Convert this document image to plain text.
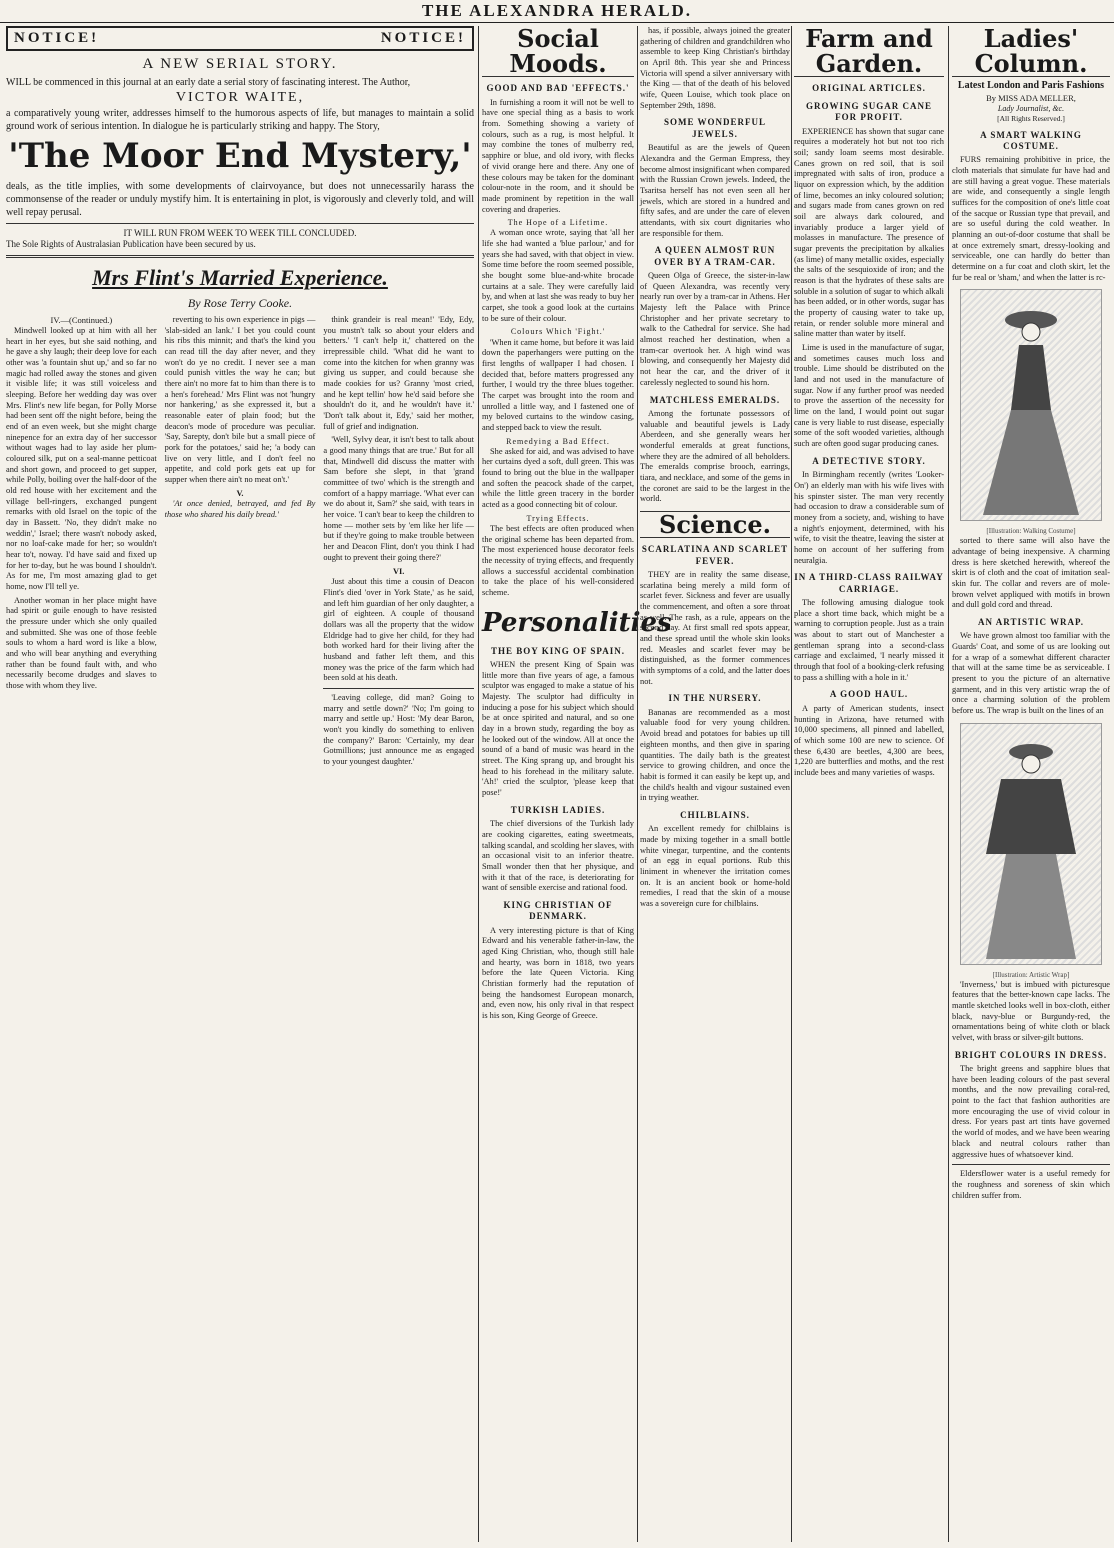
THE ALEXANDRA HERALD.
NOTICE!	NOTICE!
A NEW SERIAL STORY.
WILL be commenced in this journal at an early date a serial story of fascinating interest. The Author,
VICTOR WAITE,
a comparatively young writer, addresses himself to the humorous aspects of life, but manages to maintain a solid ground work of serious intention. In dialogue he is particularly striking and happy. The Story,
'The Moor End Mystery,'
deals, as the title implies, with some developments of clairvoyance, but does not unnecessarily harass the commonsense of the reader or unduly mystify him. It is entertaining in plot, is vigorously and cleverly told, and will well repay perusal.
IT WILL RUN FROM WEEK TO WEEK TILL CONCLUDED.
The Sole Rights of Australasian Publication have been secured by us.
Mrs Flint's Married Experience.
By Rose Terry Cooke.
IV.—(Continued.)

Mindwell looked up at him with all her heart in her eyes, but she said nothing, and he gave a shy laugh; their deep love for each other was 'a fountain shut up,' and so far no magic had rolled away the stones and given it visible life; it was still voiceless and sleeping. Before her wedding day was over Mrs. Flint's new life began, for Polly Morse had been sent off the night before, being the end of an even week, but she might charge ninepence for an extra day of her successor without wages had to lay aside her plum-coloured silk, put on a seal-manne petticoat and short gown, and proceed to get supper, while Polly, boiling over the half-door of the old red house with her excitement and the village bell-ringers, exchanged pungent remarks with old Israel on the topic of the day in Bassett. 'No, they didn't make no weddin',' Israel; there wasn't nobody asked, nor no loaf-cake made for her; so wouldn't hear to't, noway. I'd have said and fixed up for her to-day, but he was bound I shouldn't. As for me, I'm most amazing glad to get home, now I'll tell ye.

Another woman in her place might have had spirit or guile enough to have resisted the pressure under which she only quailed and submitted. She was one of those feeble souls to whom a hard word is like a blow, and who will bear anything and everything rather than be found fault with, and who necessarily become drudges and slaves to those with whom they live.

reverting to his own experience in pigs — 'slab-sided an lank.' I bet you could count his ribs this minnit; and that's the kind you can read till the day after never, and they won't do ye no credit. I never see a man could punish vittles the way he can; but there ain't no more fat to him than there is to a hen's forehead.' Mrs Flint was not 'hungry nor hankering,' as she expressed it, but a reasonable eater of plain food; but the deacon's mode of procedure was peculiar. 'Say, Sarepty, don't bile but a small piece of pork for the potatoes,' said he; 'a body can live on very little, and I don't feel no appetite, and cold pork gets eat up for supper when there ain't no meat on't.'

V.

'At once denied, betrayed, and fed By those who shared his daily bread.'

think grandeir is real mean!' 'Edy, Edy, you mustn't talk so about your elders and betters.' 'I can't help it,' chattered on the irrepressible child. 'What did he want to come into the kitchen for when granny was giving us supper, and could because she made cookies for us? Granny 'most cried, and he kept tellin' how he'd said before she shouldn't do it, and he wouldn't have it.' 'Don't talk about it, Edy,' said her mother, full of grief and indignation.

'Well, Sylvy dear, it isn't best to talk about a good many things that are true.' But for all that, Mindwell did discuss the matter with Sam before she slept, in that 'grand committee of two' which is the strength and comfort of a happy marriage. 'What ever can we do about it, Sam?' she said, with tears in her voice. 'I can't bear to keep the children to home — mother sets by 'em like her life — but if they're going to make trouble between her and Deacon Flint, don't you think I had ought to prevent their going there?'

VI.

Just about this time a cousin of Deacon Flint's died 'over in York State,' as he said, and left him guardian of her only daughter, a girl of eighteen. A couple of thousand dollars was all the property that the widow Eldridge had to give her child, for they had both worked hard for their living after the husband and father left them, and this money was the price of the farm which had been sold at his death.

'Leaving college, did man? Going to marry and settle down?' 'No; I'm going to marry and settle up.' Host: 'My dear Baron, won't you kindly do something to enliven the company?' Baron: 'Certainly, my dear Gotmillions; just announce me as engaged to your youngest daughter.'

Social Moods.
GOOD AND BAD 'EFFECTS.'

In furnishing a room it will not be well to have one special thing as a basis to work from. Something showing a variety of colours, such as a rug, is most helpful. It may combine the tones of mulberry red, sapphire or blue, and old ivory, with flecks of vivid orange here and there. Any one of these colours may be taken for the dominant colour-note in the room, and it should be made prominent by repetition in the wall covering and draperies.

The Hope of a Lifetime.

A woman once wrote, saying that 'all her life she had wanted a 'blue parlour,' and for years she had saved, with that object in view. Some time before the room seemed possible, she bought some blue-and-white brocade curtains at a sale. They were carefully laid by, and when at last she was ready to buy her carpet, she took a good look at the curtains to be sure of their colour.

Colours Which 'Fight.'

'When it came home, but before it was laid down the paperhangers were putting on the first lengths of wallpaper I had chosen. I decided that, before matters progressed any further, I would try the three blues together. The carpet was brought into the room and unrolled a little way, and I fastened one of my beloved curtains to the window casing, and stepped back to view the result.

Remedying a Bad Effect.

She asked for aid, and was advised to have her curtains dyed a soft, dull green. This was found to bring out the blue in the wallpaper and soften the peacock shade of the carpet, while the little green tracery in the border acted as a good connecting bit of colour.

Trying Effects.

The best effects are often produced when the original scheme has been departed from. The most experienced house decorator feels the necessity of trying effects, and frequently allows a successful accidental combination to take the place of his well-considered scheme.

Personalities
THE BOY KING OF SPAIN.

WHEN the present King of Spain was little more than five years of age, a famous sculptor was engaged to make a statue of his Majesty. The sculptor had difficulty in inducing a pose for his subject which should be at once spirited and natural, and so one day in a brown study, regarding the boy as he looked out of the window. All at once the sound of a band of music was heard in the street. The King sprang up, and brought his head to his forehead in the military salute. 'Ah!' cried the sculptor, 'please keep that pose!'

TURKISH LADIES.

The chief diversions of the Turkish lady are cooking cigarettes, eating sweetmeats, talking scandal, and scolding her slaves, with an occasional visit to an inferior theatre. Small wonder then that her physique, and with it that of the race, is deteriorating for want of sensible exercise and rational food.

KING CHRISTIAN OF DENMARK.

A very interesting picture is that of King Edward and his venerable father-in-law, the aged King Christian, who, though still hale and hearty, was born in 1818, two years before the late Queen Victoria. King Christian formerly had the reputation of being the handsomest European monarch, and, even now, his only rival in that respect is his son, King George of Greece.

has, if possible, always joined the greater gathering of children and grandchildren who assemble to keep King Christian's birthday on April 8th. This year she and Princess Victoria will spend a silver anniversary with the King — that of the death of his beloved wife, Queen Louise, which took place on September 29th, 1898.

SOME WONDERFUL JEWELS.

Beautiful as are the jewels of Queen Alexandra and the German Empress, they become almost insignificant when compared with the Russian Crown jewels. Indeed, the Tsaritsa herself has not even seen all her jewels, which are stored in a hundred and fifty safes, and are under the care of eleven attendants, with six court dignitaries who are responsible for them.

A QUEEN ALMOST RUN OVER BY A TRAM-CAR.

Queen Olga of Greece, the sister-in-law of Queen Alexandra, was recently very nearly run over by a tram-car in Athens. Her Majesty left the Palace with Prince Christopher and her private secretary to walk to the Cathedral for service. She had almost reached her destination, when a tram-car overtook her. A high wind was blowing, and consequently her Majesty did not hear the car, and the driver of it carelessly neglected to sound his horn.

MATCHLESS EMERALDS.

Among the fortunate possessors of valuable and beautiful jewels is Lady Aberdeen, and she generally wears her wonderful emeralds at great functions, where they are the admired of all beholders. The emeralds comprise brooch, earrings, tiara, and necklace, and some of the gems in the coronet are said to be the largest in the world.

Science.
SCARLATINA AND SCARLET FEVER.

THEY are in reality the same disease, scarlatina being merely a mild form of scarlet fever. Sickness and fever are usually the commencement, and often a sore throat as well. The rash, as a rule, appears on the second day. At first small red spots appear, and these spread until the whole skin looks red. Measles and scarlet fever may be distinguished, as the former commences with symptoms of a cold, and the latter does not.

IN THE NURSERY.

Bananas are recommended as a most valuable food for very young children. Avoid bread and potatoes for babies up till eighteen months, and then give in sparing quantities. The daily bath is the greatest service to growing children, and once the habit is formed it can easily be kept up, and the child's health and vigour sustained even in trying weather.

CHILBLAINS.

An excellent remedy for chilblains is made by mixing together in a small bottle white vinegar, turpentine, and the contents of an egg in equal portions. Rub this liniment in whenever the irritation comes on. It is an ancient book or home-hold remedies, I read that the skin of a mouse was a sovereign cure for chilblains.

Farm and Garden.
ORIGINAL ARTICLES.
GROWING SUGAR CANE FOR PROFIT.

EXPERIENCE has shown that sugar cane requires a moderately hot but not too rich soil; sandy loam seems most desirable. Canes grown on red soil, that is soil impregnated with salts of iron, produce a liquor on expression which, by the addition of lime, becomes an inky coloured solution; and sugars made from canes grown on red soil are always dark coloured, and invariably produce a larger yield of molasses in manufacture. The presence of sugar prevents the precipitation by alkalies (as lime) of many metallic oxides, especially the salts of the sesquioxide of iron; and the reason is that the hydrates of these salts are soluble in a solution of sugar to which alkali has been added, or in other words, sugar has the property of causing water to take up, retain, or render soluble more mineral and saline matter than water by itself.

Lime is used in the manufacture of sugar, and sometimes causes much loss and trouble. Lime should be distributed on the land and not used in the manufacture of sugar. Now if any further proof was needed to prove the assertion of the necessity for lime on the land, I would point out sugar cane is very liable to rust disease, especially some of the soft wooded varieties, although such are often good sugar producing canes.

A DETECTIVE STORY.

In Birmingham recently (writes 'Looker-On') an elderly man with his wife lives with his spinster sister. The man very recently had occasion to draw a considerable sum of money from a society, and, wishing to have a night's enjoyment, determined, with his wife, to visit the theatre, leaving the sister at home on account of her suffering from neuralgia.

IN A THIRD-CLASS RAILWAY CARRIAGE.

The following amusing dialogue took place a short time back, which might be a warning to corruption people. Just as a train was about to start out of Manchester a gentleman sprang into a second-class carriage and exclaimed, 'I nearly missed it through that fool of a booking-clerk refusing to pass a shilling with a hole in it.'

A GOOD HAUL.

A party of American students, insect hunting in Arizona, have returned with 10,000 specimens, all pinned and labelled, of which some 100 are new to science. Of these 6,430 are beetles, 4,300 are bees, 1,220 are butterflies and moths, and the rest include bees and many varieties of wasps.

Ladies' Column.
Latest London and Paris Fashions
By MISS ADA MELLER,
Lady Journalist, &c.
[All Rights Reserved.]
A SMART WALKING COSTUME.

FURS remaining prohibitive in price, the cloth materials that simulate fur have had and are still having a great vogue. These materials are wide, and consequently a single length suffices for the composition of one's little coat of the sacque or Russian type that prevail, and are so useful during the cold weather. In planning an out-of-door costume that shall be at once extremely smart, dressy-looking and serviceable, one can hardly do better than determine on a fur coat and cloth skirt, let the fur be real or 'sham,' and when the latter is rc-

[Illustration: Walking Costume]

sorted to there same will also have the advantage of being inexpensive. A charming dress is here sketched herewith, whereof the skirt is of cloth and the coat of imitation seal-skin fur. The collar and revers are of mole-brown velvet appliqued with motifs in brown and dull gold cord and thread.

AN ARTISTIC WRAP.

We have grown almost too familiar with the Guards' Coat, and some of us are looking out for a wrap of a somewhat different character that will at the same time be as serviceable. I present to you the picture of an alternative garment, and in this very artistic wrap the of once a charming solution of the problem before us. The wrap is built on the lines of an

[Illustration: Artistic Wrap]

'Inverness,' but is imbued with picturesque features that the better-known cape lacks. The mantle sketched looks well in box-cloth, either black, navy-blue or Burgundy-red, the ornamentations being of white cloth or black velvet, with brass or silver-gilt buttons.

BRIGHT COLOURS IN DRESS.

The bright greens and sapphire blues that have been leading colours of the past several months, and the now prevailing coral-red, point to the fact that fashion authorities are more encouraging the use of vivid colour in dress. For years past art tints have governed the world of modes, and we have been wearing black and neutral colours rather than aggressive hues of whatsoever kind.

Eldersflower water is a useful remedy for the roughness and soreness of skin which children suffer from.
